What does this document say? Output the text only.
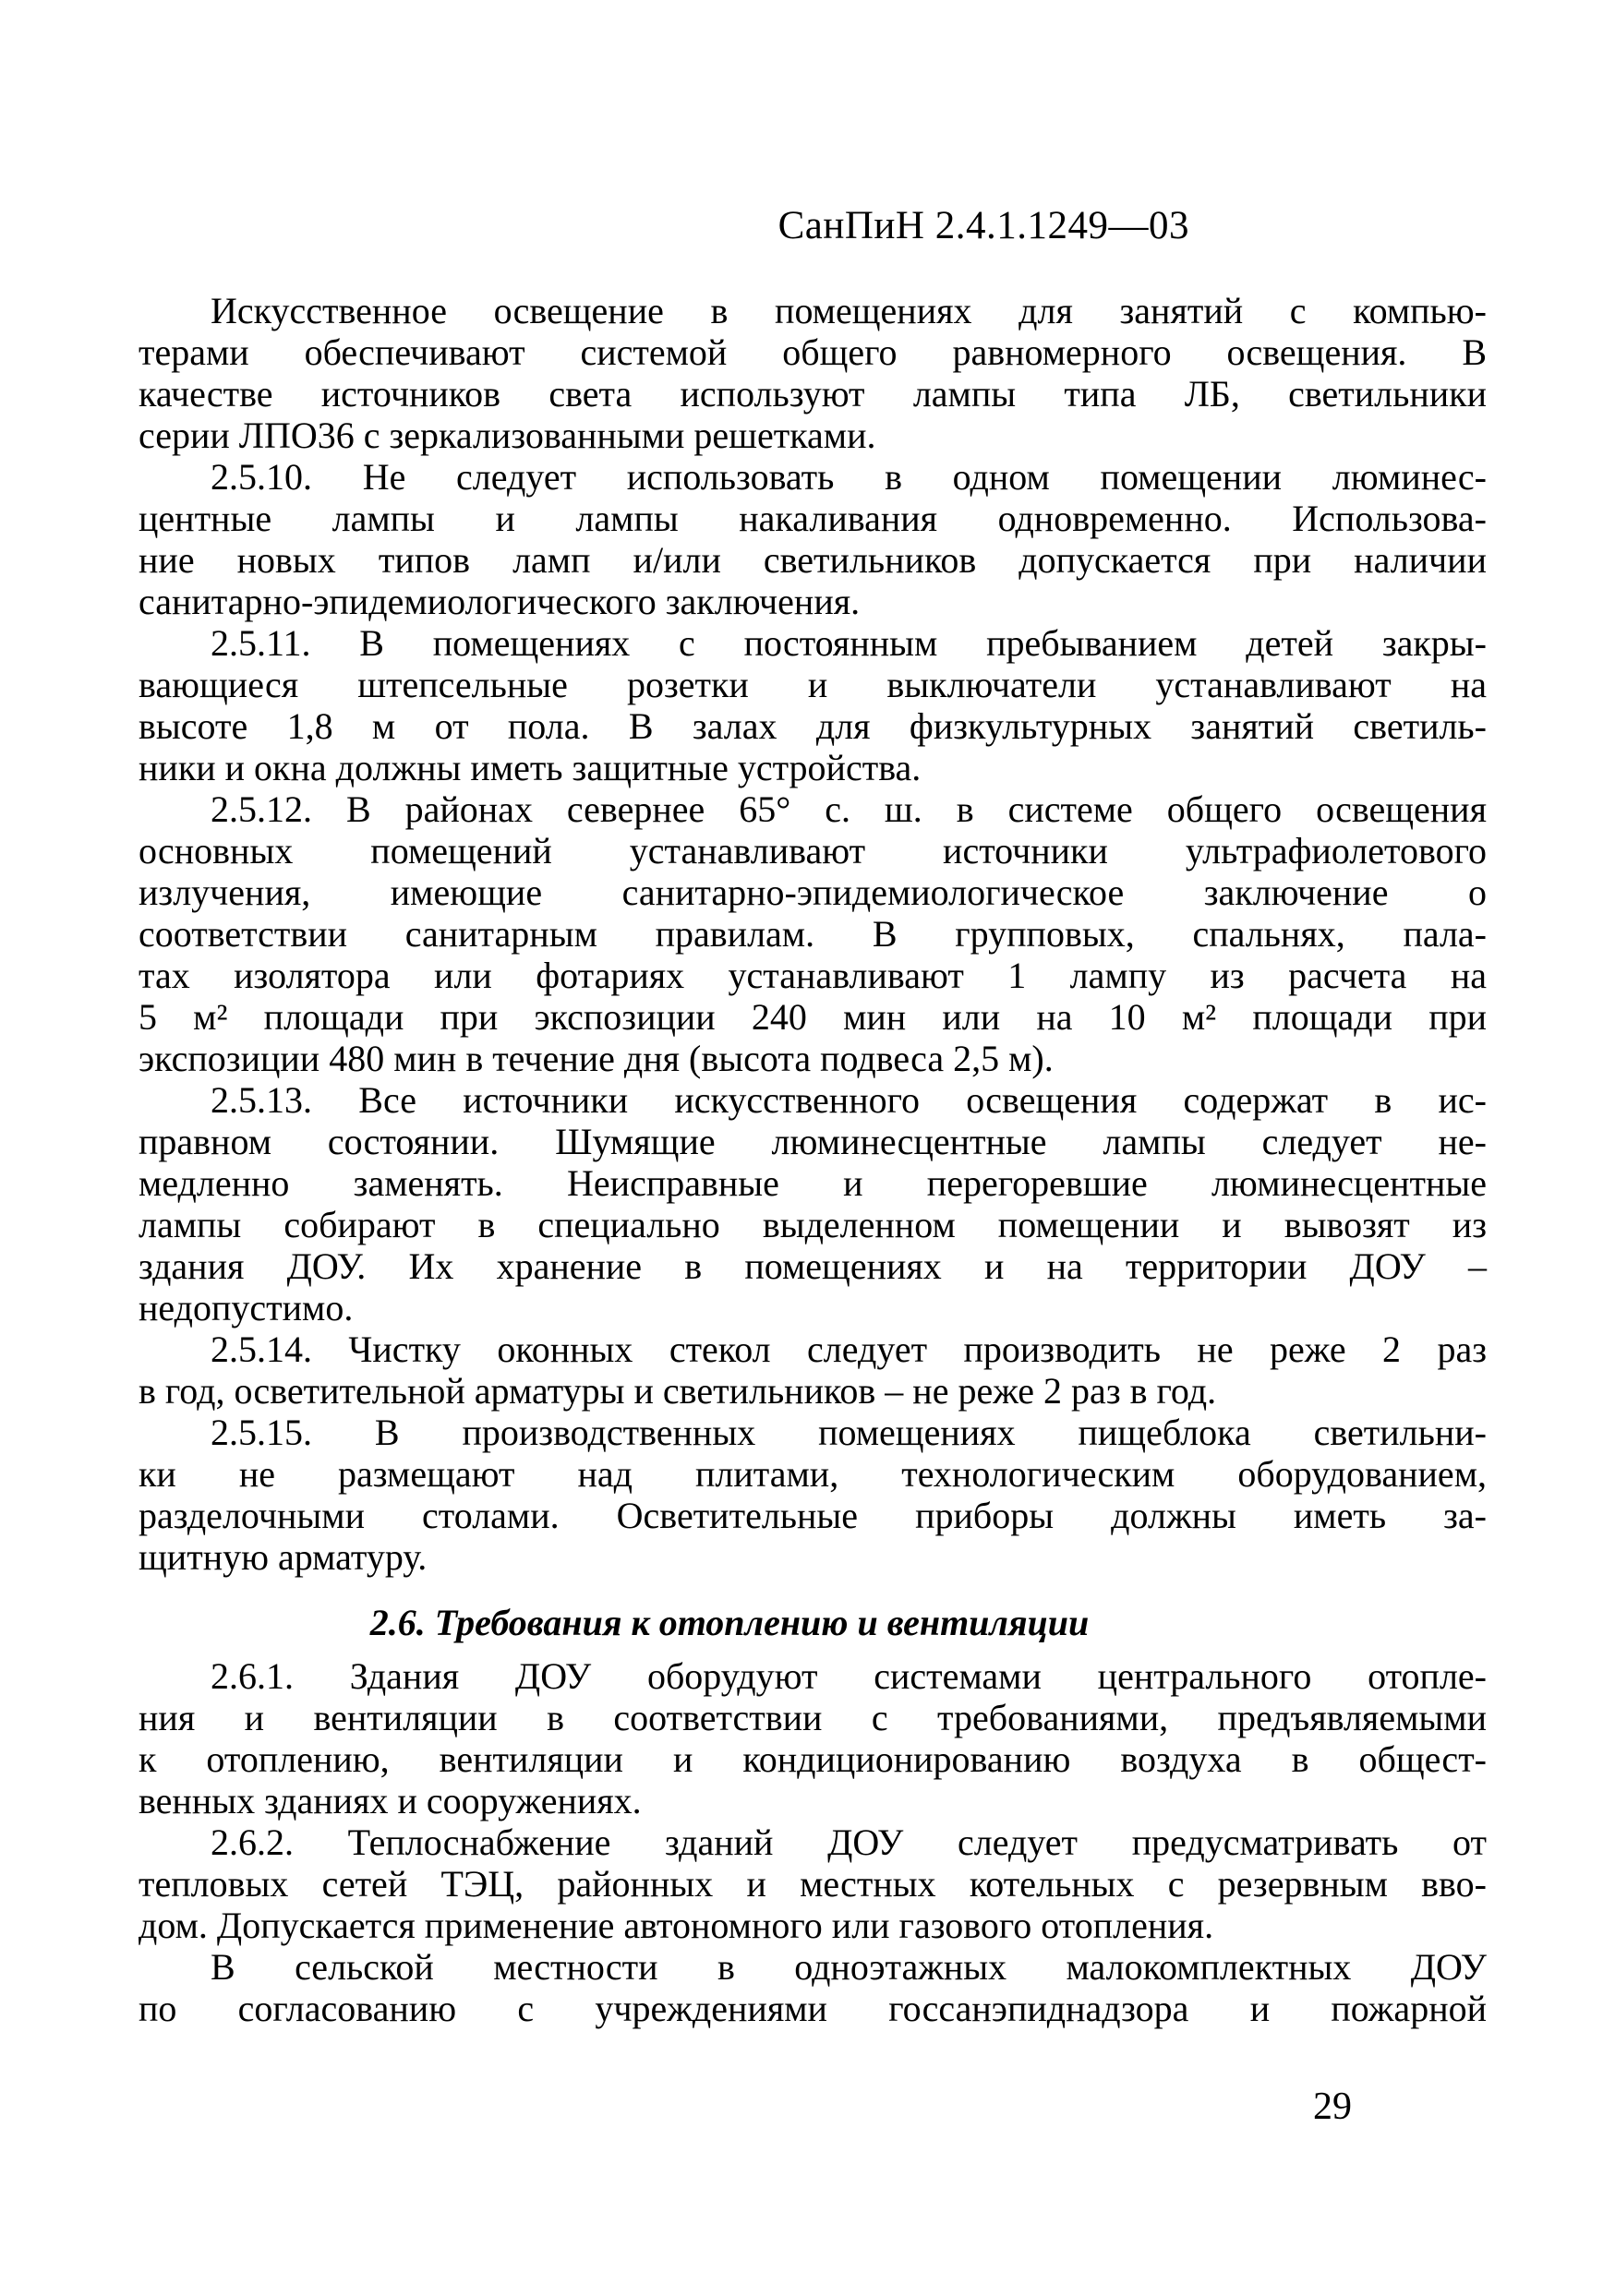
СанПиН 2.4.1.1249—03
Искусственное освещение в помещениях для занятий с компью-
терами обеспечивают системой общего равномерного освещения. В
качестве источников света используют лампы типа ЛБ, светильники
серии ЛПО36 с зеркализованными решетками.
2.5.10. Не следует использовать в одном помещении люминес-
центные лампы и лампы накаливания одновременно. Использова-
ние новых типов ламп и/или светильников допускается при наличии
санитарно-эпидемиологического заключения.
2.5.11. В помещениях с постоянным пребыванием детей закры-
вающиеся штепсельные розетки и выключатели устанавливают на
высоте 1,8 м от пола. В залах для физкультурных занятий светиль-
ники и окна должны иметь защитные устройства.
2.5.12. В районах севернее 65° с. ш. в системе общего освещения
основных помещений устанавливают источники ультрафиолетового
излучения, имеющие санитарно-эпидемиологическое заключение о
соответствии санитарным правилам. В групповых, спальнях, пала-
тах изолятора или фотариях устанавливают 1 лампу из расчета на
5 м² площади при экспозиции 240 мин или на 10 м² площади при
экспозиции 480 мин в течение дня (высота подвеса 2,5 м).
2.5.13. Все источники искусственного освещения содержат в ис-
правном состоянии. Шумящие люминесцентные лампы следует не-
медленно заменять. Неисправные и перегоревшие люминесцентные
лампы собирают в специально выделенном помещении и вывозят из
здания ДОУ. Их хранение в помещениях и на территории ДОУ –
недопустимо.
2.5.14. Чистку оконных стекол следует производить не реже 2 раз
в год, осветительной арматуры и светильников – не реже 2 раз в год.
2.5.15. В производственных помещениях пищеблока светильни-
ки не размещают над плитами, технологическим оборудованием,
разделочными столами. Осветительные приборы должны иметь за-
щитную арматуру.
2.6. Требования к отоплению и вентиляции
2.6.1. Здания ДОУ оборудуют системами центрального отопле-
ния и вентиляции в соответствии с требованиями, предъявляемыми
к отоплению, вентиляции и кондиционированию воздуха в общест-
венных зданиях и сооружениях.
2.6.2. Теплоснабжение зданий ДОУ следует предусматривать от
тепловых сетей ТЭЦ, районных и местных котельных с резервным вво-
дом. Допускается применение автономного или газового отопления.
В сельской местности в одноэтажных малокомплектных ДОУ
по согласованию с учреждениями госсанэпиднадзора и пожарной
29
